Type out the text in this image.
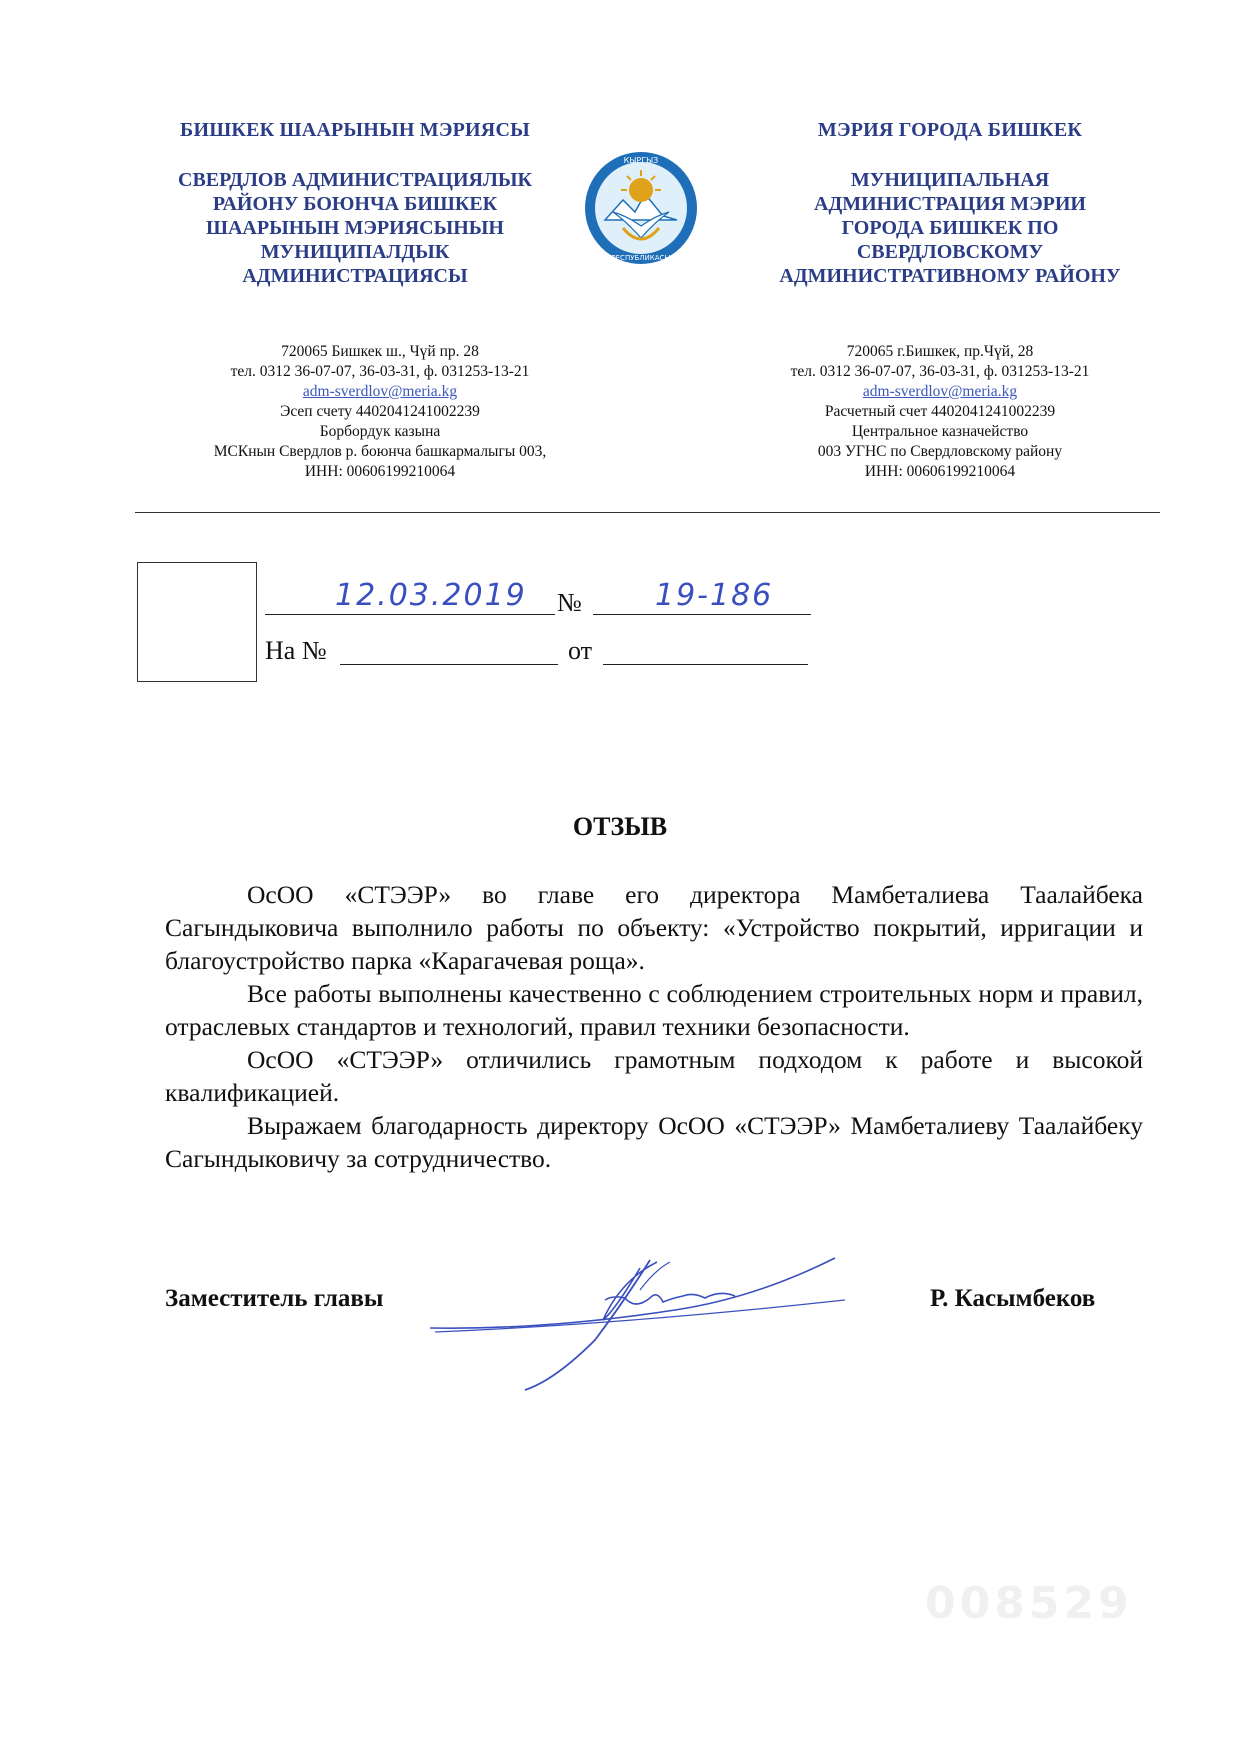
БИШКЕК ШААРЫНЫН МЭРИЯСЫ
СВЕРДЛОВ АДМИНИСТРАЦИЯЛЫК
РАЙОНУ БОЮНЧА БИШКЕК
ШААРЫНЫН МЭРИЯСЫНЫН
МУНИЦИПАЛДЫК
АДМИНИСТРАЦИЯСЫ
720065 Бишкек ш., Чүй пр. 28
тел. 0312 36-07-07, 36-03-31, ф. 031253-13-21
adm-sverdlov@meria.kg
Эсеп счету 4402041241002239
Борбордук казына
МСКнын Свердлов р. боюнча башкармалыгы 003,
ИНН: 00606199210064
КЫРГЫЗ
РЕСПУБЛИКАСЫ
МЭРИЯ ГОРОДА БИШКЕК
МУНИЦИПАЛЬНАЯ
АДМИНИСТРАЦИЯ МЭРИИ
ГОРОДА БИШКЕК ПО
СВЕРДЛОВСКОМУ
АДМИНИСТРАТИВНОМУ РАЙОНУ
720065 г.Бишкек, пр.Чүй, 28
тел. 0312 36-07-07, 36-03-31, ф. 031253-13-21
adm-sverdlov@meria.kg
Расчетный счет 4402041241002239
Центральное казначейство
003 УГНС по Свердловскому району
ИНН: 00606199210064
12.03.2019 № 19-186
На №	от
ОТЗЫВ

ОсОО «СТЭЭР» во главе его директора Мамбеталиева Таалайбека Сагындыковича выполнило работы по объекту: «Устройство покрытий, ирригации и благоустройство парка «Карагачевая роща».

Все работы выполнены качественно с соблюдением строительных норм и правил, отраслевых стандартов и технологий, правил техники безопасности.

ОсОО «СТЭЭР» отличились грамотным подходом к работе и высокой квалификацией.

Выражаем благодарность директору ОсОО «СТЭЭР» Мамбеталиеву Таалайбеку Сагындыковичу за сотрудничество.

Заместитель главы	Р. Касымбеков
008529
